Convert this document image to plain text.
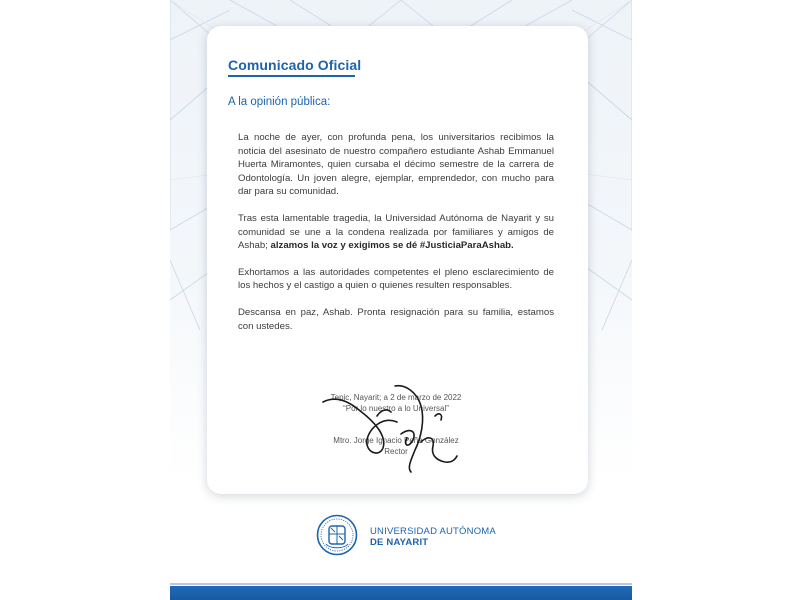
Comunicado Oficial

A la opinión pública:

La noche de ayer, con profunda pena, los universitarios recibimos la noticia del asesinato de nuestro compañero estudiante Ashab Emmanuel Huerta Miramontes, quien cursaba el décimo semestre de la carrera de Odontología. Un joven alegre, ejemplar, emprendedor, con mucho para dar para su comunidad.

Tras esta lamentable tragedia, la Universidad Autónoma de Nayarit y su comunidad se une a la condena realizada por familiares y amigos de Ashab; alzamos la voz y exigimos se dé #JusticiaParaAshab.

Exhortamos a las autoridades competentes el pleno esclarecimiento de los hechos y el castigo a quien o quienes resulten responsables.

Descansa en paz, Ashab. Pronta resignación para su familia, estamos con ustedes.

Tepic, Nayarit; a 2 de marzo de 2022
“Por lo nuestro a lo Universal”
Mtro. Jorge Ignacio Peña González
Rector
UNIVERSIDAD AUTÓNOMA
DE NAYARIT
